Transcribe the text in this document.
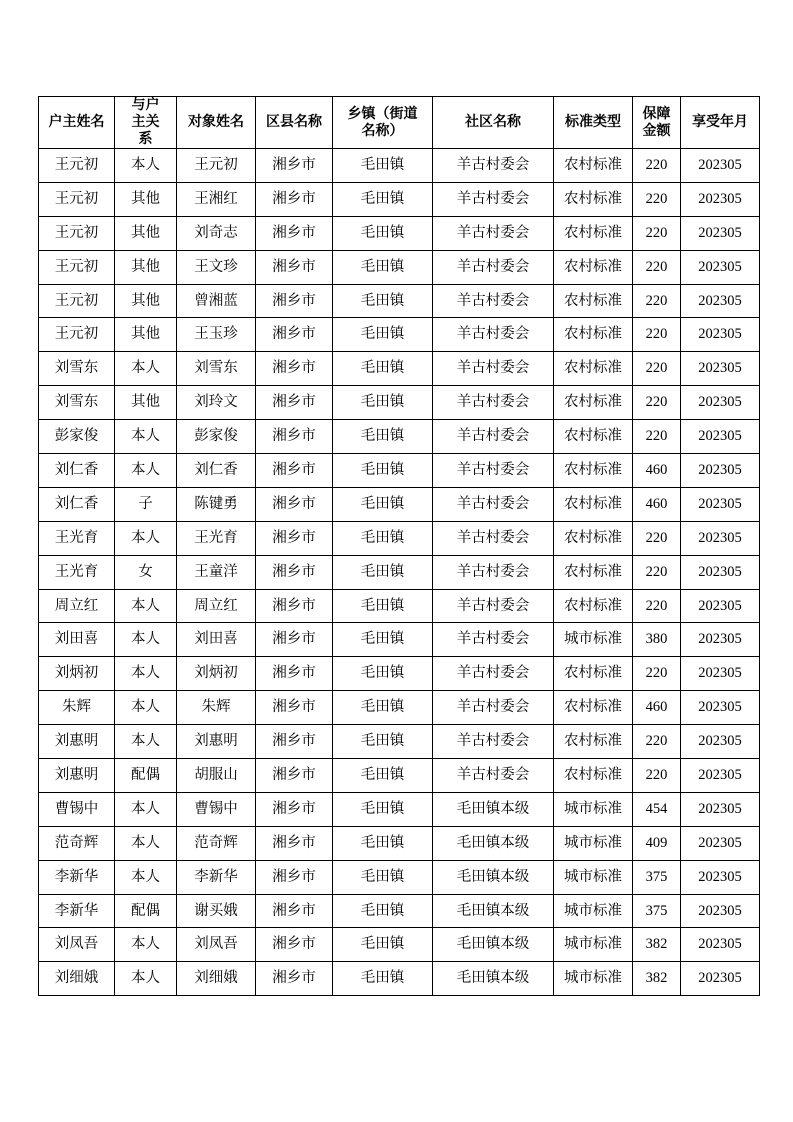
户主姓名	与户主关系	对象姓名	区县名称	乡镇（街道名称）	社区名称	标准类型	保障金额	享受年月
王元初	本人	王元初	湘乡市	毛田镇	羊古村委会	农村标准	220	202305
王元初	其他	王湘红	湘乡市	毛田镇	羊古村委会	农村标准	220	202305
王元初	其他	刘奇志	湘乡市	毛田镇	羊古村委会	农村标准	220	202305
王元初	其他	王文珍	湘乡市	毛田镇	羊古村委会	农村标准	220	202305
王元初	其他	曾湘蓝	湘乡市	毛田镇	羊古村委会	农村标准	220	202305
王元初	其他	王玉珍	湘乡市	毛田镇	羊古村委会	农村标准	220	202305
刘雪东	本人	刘雪东	湘乡市	毛田镇	羊古村委会	农村标准	220	202305
刘雪东	其他	刘玲文	湘乡市	毛田镇	羊古村委会	农村标准	220	202305
彭家俊	本人	彭家俊	湘乡市	毛田镇	羊古村委会	农村标准	220	202305
刘仁香	本人	刘仁香	湘乡市	毛田镇	羊古村委会	农村标准	460	202305
刘仁香	子	陈键勇	湘乡市	毛田镇	羊古村委会	农村标准	460	202305
王光育	本人	王光育	湘乡市	毛田镇	羊古村委会	农村标准	220	202305
王光育	女	王童洋	湘乡市	毛田镇	羊古村委会	农村标准	220	202305
周立红	本人	周立红	湘乡市	毛田镇	羊古村委会	农村标准	220	202305
刘田喜	本人	刘田喜	湘乡市	毛田镇	羊古村委会	城市标准	380	202305
刘炳初	本人	刘炳初	湘乡市	毛田镇	羊古村委会	农村标准	220	202305
朱辉	本人	朱辉	湘乡市	毛田镇	羊古村委会	农村标准	460	202305
刘惠明	本人	刘惠明	湘乡市	毛田镇	羊古村委会	农村标准	220	202305
刘惠明	配偶	胡服山	湘乡市	毛田镇	羊古村委会	农村标准	220	202305
曹锡中	本人	曹锡中	湘乡市	毛田镇	毛田镇本级	城市标准	454	202305
范奇辉	本人	范奇辉	湘乡市	毛田镇	毛田镇本级	城市标准	409	202305
李新华	本人	李新华	湘乡市	毛田镇	毛田镇本级	城市标准	375	202305
李新华	配偶	谢买娥	湘乡市	毛田镇	毛田镇本级	城市标准	375	202305
刘凤吾	本人	刘凤吾	湘乡市	毛田镇	毛田镇本级	城市标准	382	202305
刘细娥	本人	刘细娥	湘乡市	毛田镇	毛田镇本级	城市标准	382	202305
